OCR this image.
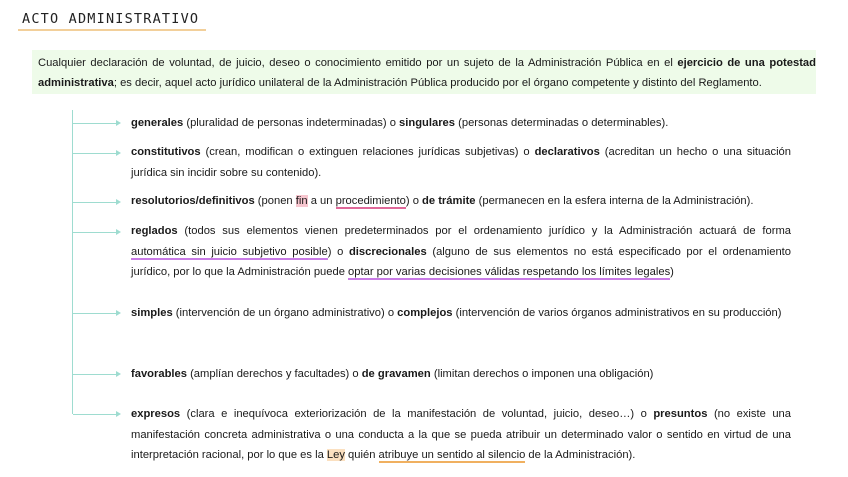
ACTO ADMINISTRATIVO
Cualquier declaración de voluntad, de juicio, deseo o conocimiento emitido por un sujeto de la Administración Pública en el ejercicio de una potestad administrativa; es decir, aquel acto jurídico unilateral de la Administración Pública producido por el órgano competente y distinto del Reglamento.
generales (pluralidad de personas indeterminadas) o singulares (personas determinadas o determinables).
constitutivos (crean, modifican o extinguen relaciones jurídicas subjetivas) o declarativos (acreditan un hecho o una situación jurídica sin incidir sobre su contenido).
resolutorios/definitivos (ponen fin a un procedimiento) o de trámite (permanecen en la esfera interna de la Administración).
reglados (todos sus elementos vienen predeterminados por el ordenamiento jurídico y la Administración actuará de forma automática sin juicio subjetivo posible) o discrecionales (alguno de sus elementos no está especificado por el ordenamiento jurídico, por lo que la Administración puede optar por varias decisiones válidas respetando los límites legales)
simples (intervención de un órgano administrativo) o complejos (intervención de varios órganos administrativos en su producción)
favorables (amplían derechos y facultades) o de gravamen (limitan derechos o imponen una obligación)
expresos (clara e inequívoca exteriorización de la manifestación de voluntad, juicio, deseo…) o presuntos (no existe una manifestación concreta administrativa o una conducta a la que se pueda atribuir un determinado valor o sentido en virtud de una interpretación racional, por lo que es la Ley quién atribuye un sentido al silencio de la Administración).
